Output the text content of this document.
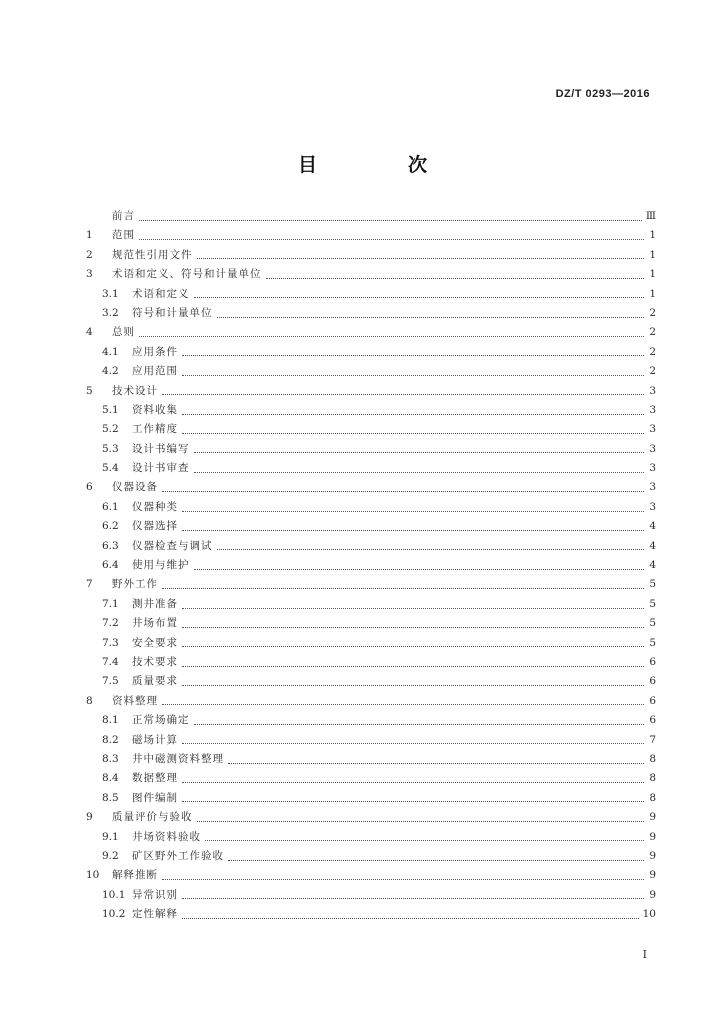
DZ/T 0293—2016
目　次
前言	Ⅲ
1	范围	1
2	规范性引用文件	1
3	术语和定义、符号和计量单位	1
3.1	术语和定义	1
3.2	符号和计量单位	2
4	总则	2
4.1	应用条件	2
4.2	应用范围	2
5	技术设计	3
5.1	资料收集	3
5.2	工作精度	3
5.3	设计书编写	3
5.4	设计书审查	3
6	仪器设备	3
6.1	仪器种类	3
6.2	仪器选择	4
6.3	仪器检查与调试	4
6.4	使用与维护	4
7	野外工作	5
7.1	测井准备	5
7.2	井场布置	5
7.3	安全要求	5
7.4	技术要求	6
7.5	质量要求	6
8	资料整理	6
8.1	正常场确定	6
8.2	磁场计算	7
8.3	井中磁测资料整理	8
8.4	数据整理	8
8.5	图件编制	8
9	质量评价与验收	9
9.1	井场资料验收	9
9.2	矿区野外工作验收	9
10	解释推断	9
10.1 异常识别	9
10.2 定性解释	10
I
